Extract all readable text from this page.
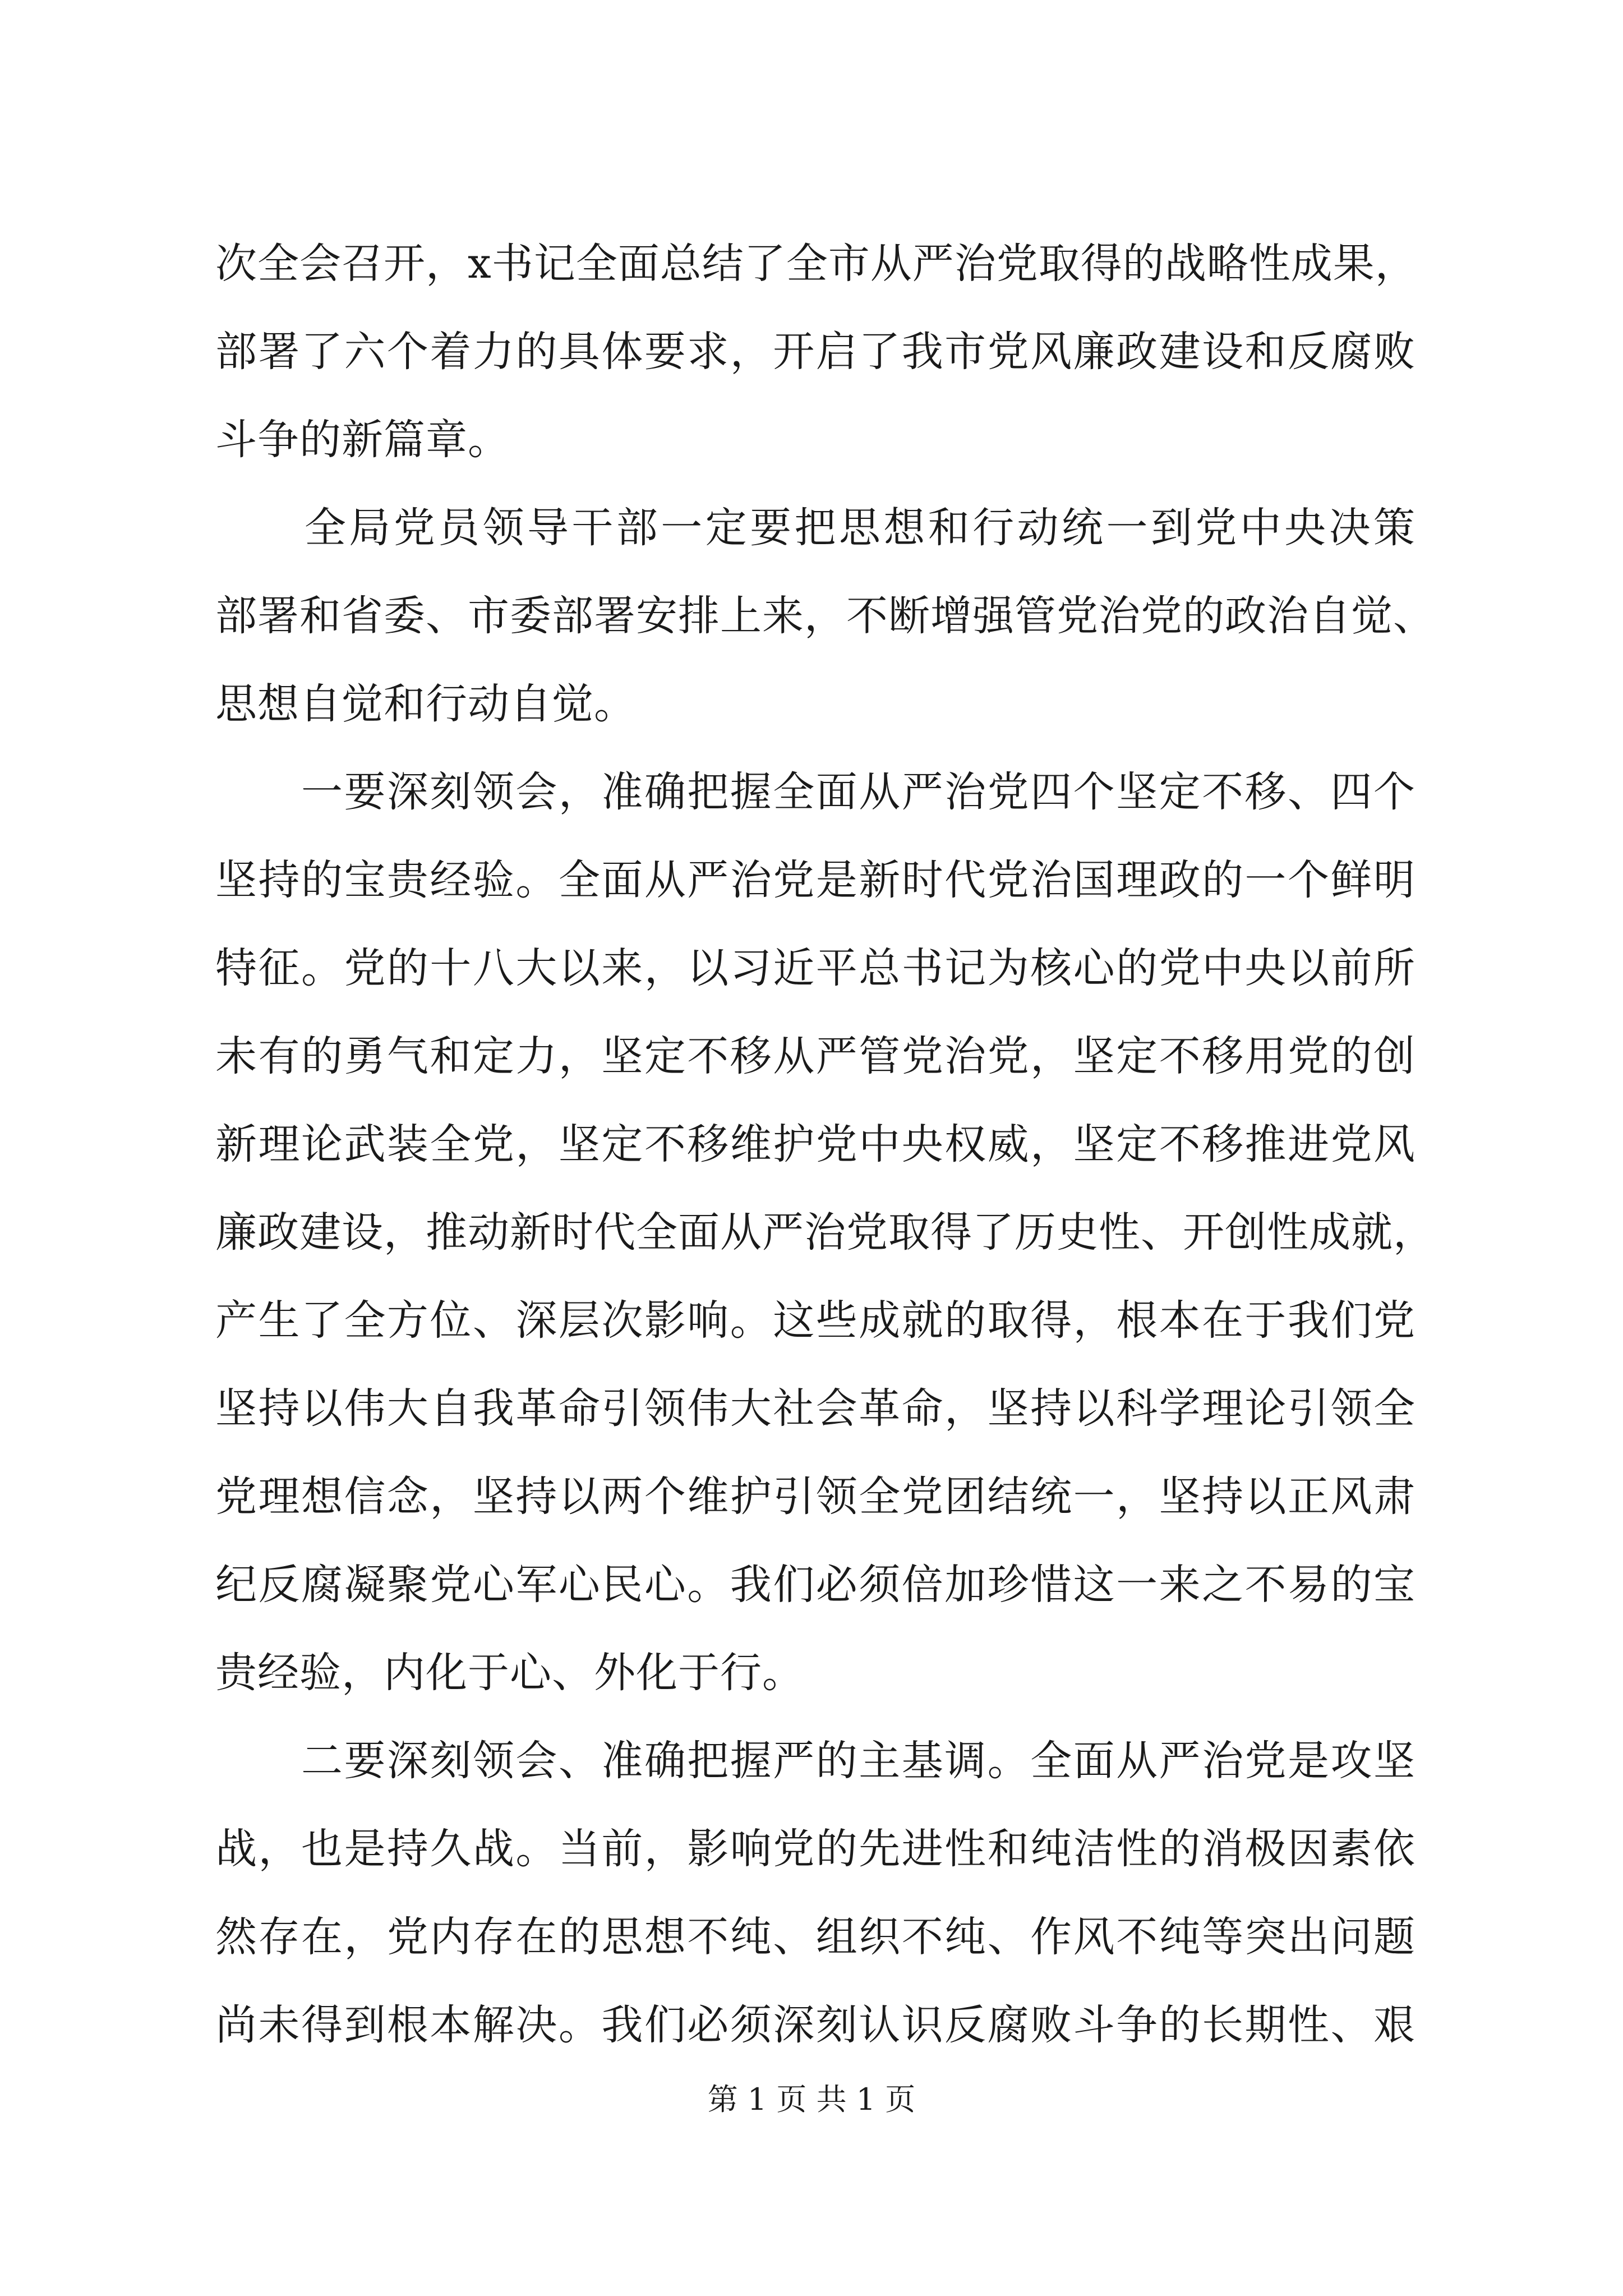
次全会召开，x书记全面总结了全市从严治党取得的战略性成果，
部署了六个着力的具体要求，开启了我市党风廉政建设和反腐败
斗争的新篇章。
　　全局党员领导干部一定要把思想和行动统一到党中央决策
部署和省委、市委部署安排上来，不断增强管党治党的政治自觉、
思想自觉和行动自觉。
　　一要深刻领会，准确把握全面从严治党四个坚定不移、四个
坚持的宝贵经验。全面从严治党是新时代党治国理政的一个鲜明
特征。党的十八大以来，以习近平总书记为核心的党中央以前所
未有的勇气和定力，坚定不移从严管党治党，坚定不移用党的创
新理论武装全党，坚定不移维护党中央权威，坚定不移推进党风
廉政建设，推动新时代全面从严治党取得了历史性、开创性成就，
产生了全方位、深层次影响。这些成就的取得，根本在于我们党
坚持以伟大自我革命引领伟大社会革命，坚持以科学理论引领全
党理想信念，坚持以两个维护引领全党团结统一，坚持以正风肃
纪反腐凝聚党心军心民心。我们必须倍加珍惜这一来之不易的宝
贵经验，内化于心、外化于行。
　　二要深刻领会、准确把握严的主基调。全面从严治党是攻坚
战，也是持久战。当前，影响党的先进性和纯洁性的消极因素依
然存在，党内存在的思想不纯、组织不纯、作风不纯等突出问题
尚未得到根本解决。我们必须深刻认识反腐败斗争的长期性、艰
第 1 页 共 1 页
